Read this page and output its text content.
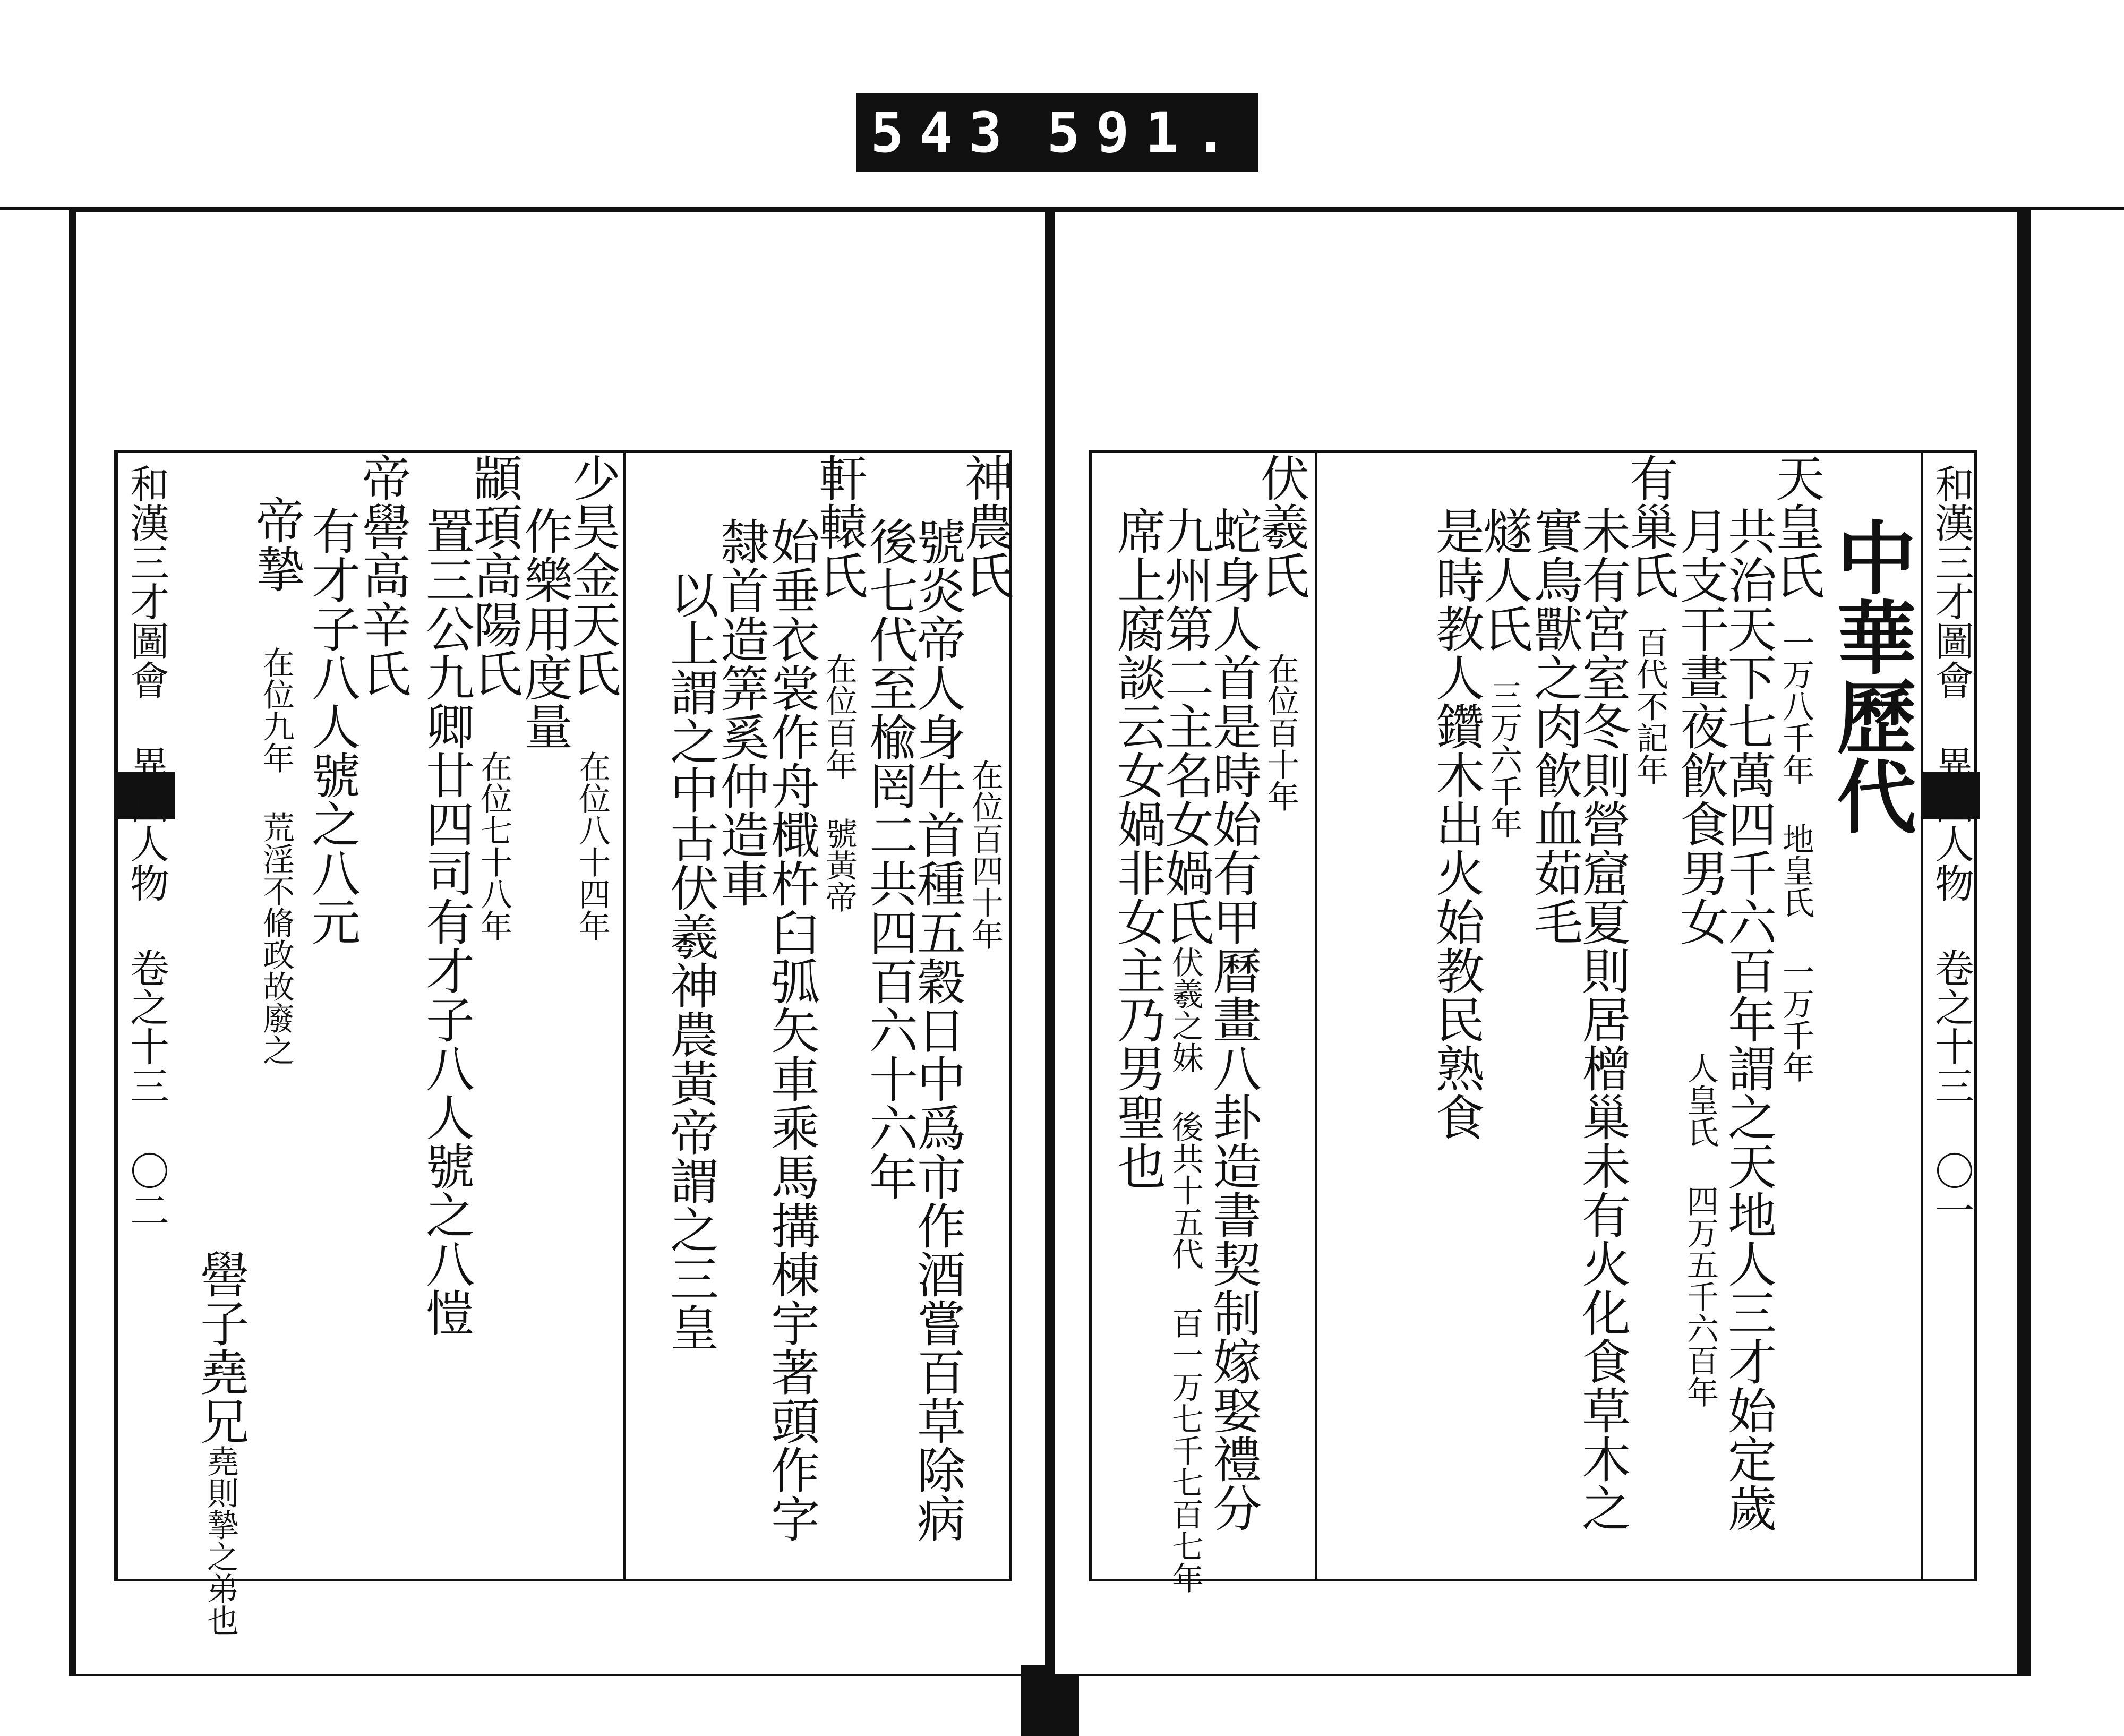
543 591.
和漢三才圖會 異國人物 卷之十三 〇二	神農氏在位百四十年
號炎帝人身牛首種五穀日中爲市作酒嘗百草除病
後七代至楡罔二共四百六十六年
軒轅氏在位百年 號黃帝
始垂衣裳作舟檝杵臼弧矢車乘馬搆棟宇著頭作字
隸首造筭奚仲造車
以上謂之中古伏羲神農黃帝謂之三皇
少昊金天氏在位八十四年
作樂用度量
顓頊高陽氏在位七十八年
置三公九卿廿四司有才子八人號之八愷
帝嚳高辛氏
有才子八人號之八元
帝摯在位九年 荒淫不脩政故廢之
嚳子堯兄堯則摯之弟也
和漢三才圖會 異國人物 卷之十三 〇一
中華歷代
天皇氏一万八千年 地皇氏 一万千年
共治天下七萬四千六百年謂之天地人三才始定歲
月支干晝夜飮食男女人皇氏 四万五千六百年
有巢氏百代不記年
未有宮室冬則營窟夏則居橧巢未有火化食草木之
實鳥獸之肉飮血茹毛
燧人氏三万六千年
是時教人鑽木出火始教民熟食
伏羲氏在位百十年
蛇身人首是時始有甲曆畫八卦造書契制嫁娶禮分
九州第二主名女媧氏伏羲之妹 後共十五代 百一万七千七百七年
席上腐談云女媧非女主乃男聖也
